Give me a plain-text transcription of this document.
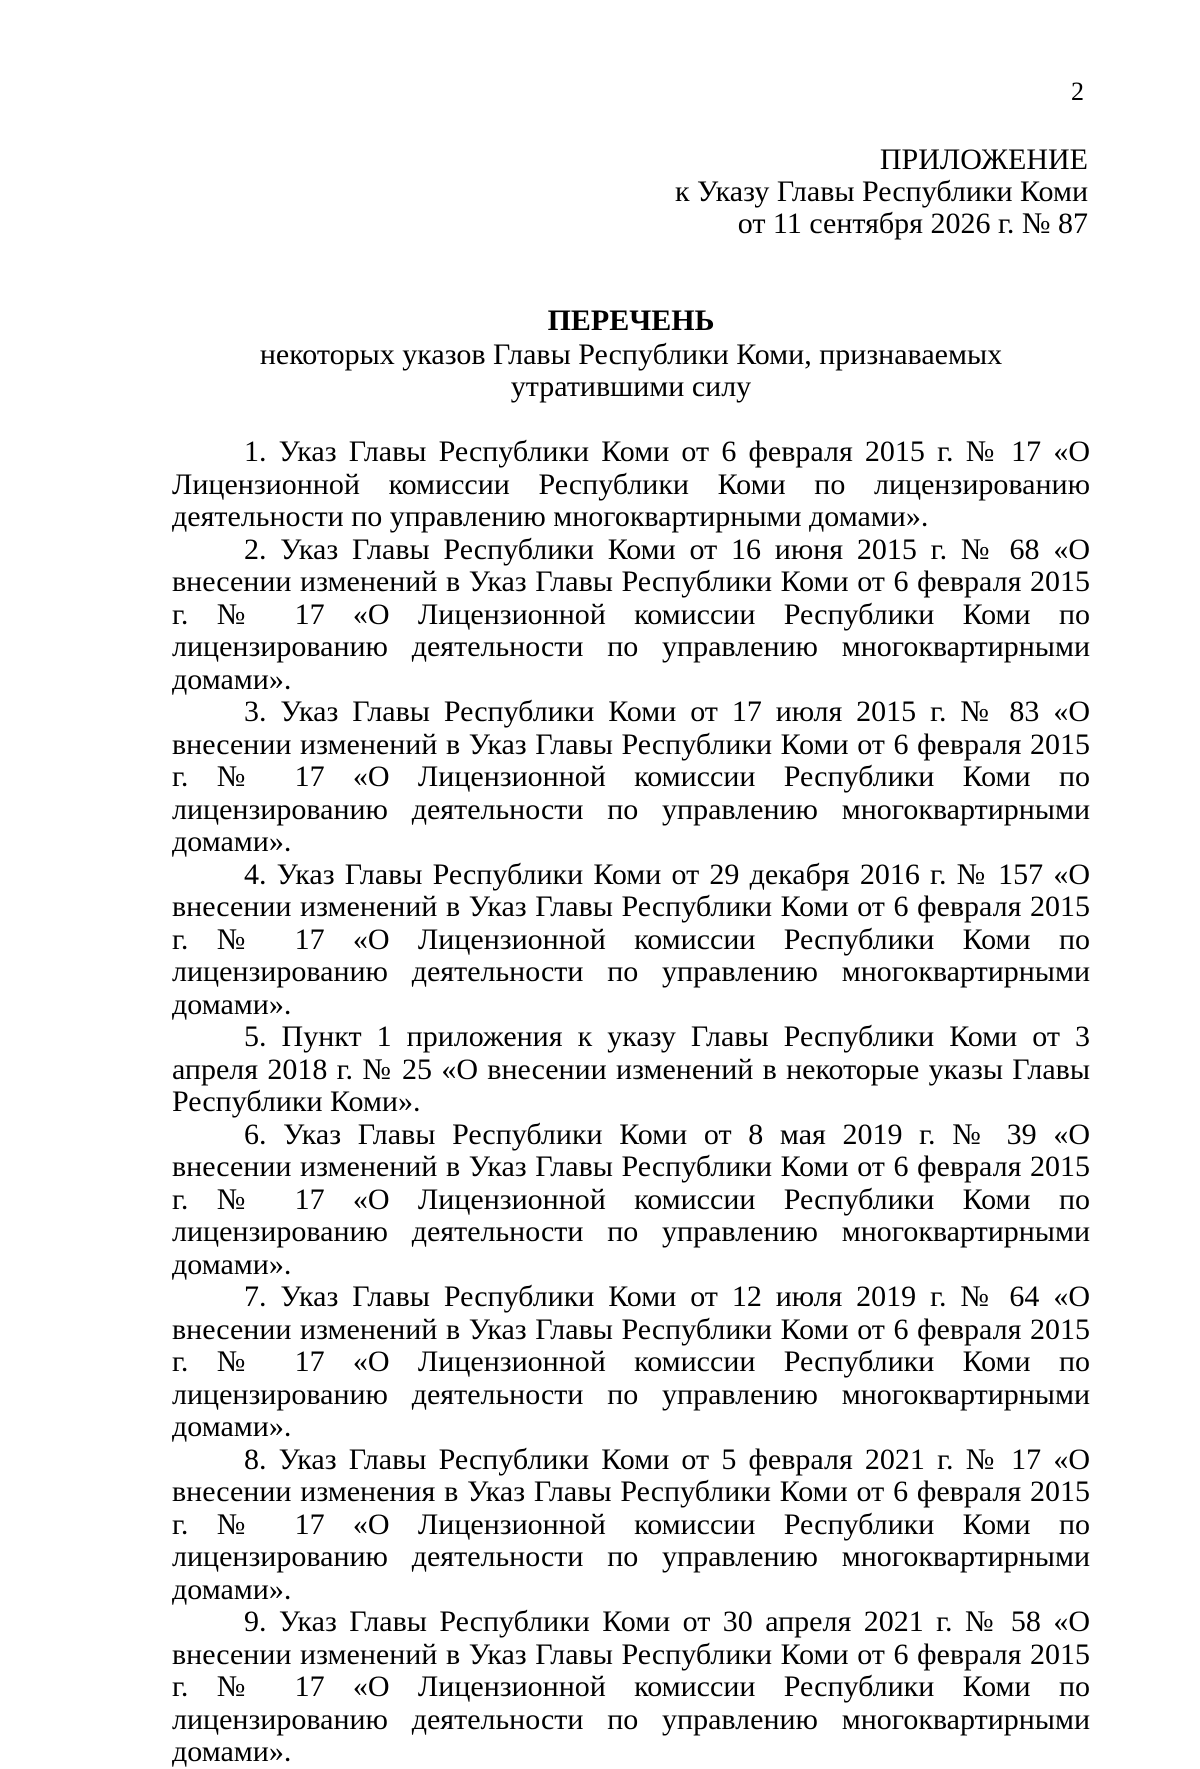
2
ПРИЛОЖЕНИЕ
к Указу Главы Республики Коми
от 11 сентября 2026 г. № 87
ПЕРЕЧЕНЬ
некоторых указов Главы Республики Коми, признаваемых
утратившими силу

1. Указ Главы Республики Коми от 6 февраля 2015 г. № 17 «О Лицензионной комиссии Республики Коми по лицензированию деятельности по управлению многоквартирными домами».

2. Указ Главы Республики Коми от 16 июня 2015 г. № 68 «О внесении изменений в Указ Главы Республики Коми от 6 февраля 2015 г. № 17 «О Лицензионной комиссии Республики Коми по лицензированию деятельности по управлению многоквартирными домами».

3. Указ Главы Республики Коми от 17 июля 2015 г. № 83 «О внесении изменений в Указ Главы Республики Коми от 6 февраля 2015 г. № 17 «О Лицензионной комиссии Республики Коми по лицензированию деятельности по управлению многоквартирными домами».

4. Указ Главы Республики Коми от 29 декабря 2016 г. № 157 «О внесении изменений в Указ Главы Республики Коми от 6 февраля 2015 г. № 17 «О Лицензионной комиссии Республики Коми по лицензированию деятельности по управлению многоквартирными домами».

5. Пункт 1 приложения к указу Главы Республики Коми от 3 апреля 2018 г. № 25 «О внесении изменений в некоторые указы Главы Республики Коми».

6. Указ Главы Республики Коми от 8 мая 2019 г. № 39 «О внесении изменений в Указ Главы Республики Коми от 6 февраля 2015 г. № 17 «О Лицензионной комиссии Республики Коми по лицензированию деятельности по управлению многоквартирными домами».

7. Указ Главы Республики Коми от 12 июля 2019 г. № 64 «О внесении изменений в Указ Главы Республики Коми от 6 февраля 2015 г. № 17 «О Лицензионной комиссии Республики Коми по лицензированию деятельности по управлению многоквартирными домами».

8. Указ Главы Республики Коми от 5 февраля 2021 г. № 17 «О внесении изменения в Указ Главы Республики Коми от 6 февраля 2015 г. № 17 «О Лицензионной комиссии Республики Коми по лицензированию деятельности по управлению многоквартирными домами».

9. Указ Главы Республики Коми от 30 апреля 2021 г. № 58 «О внесении изменений в Указ Главы Республики Коми от 6 февраля 2015 г. № 17 «О Лицензионной комиссии Республики Коми по лицензированию деятельности по управлению многоквартирными домами».
